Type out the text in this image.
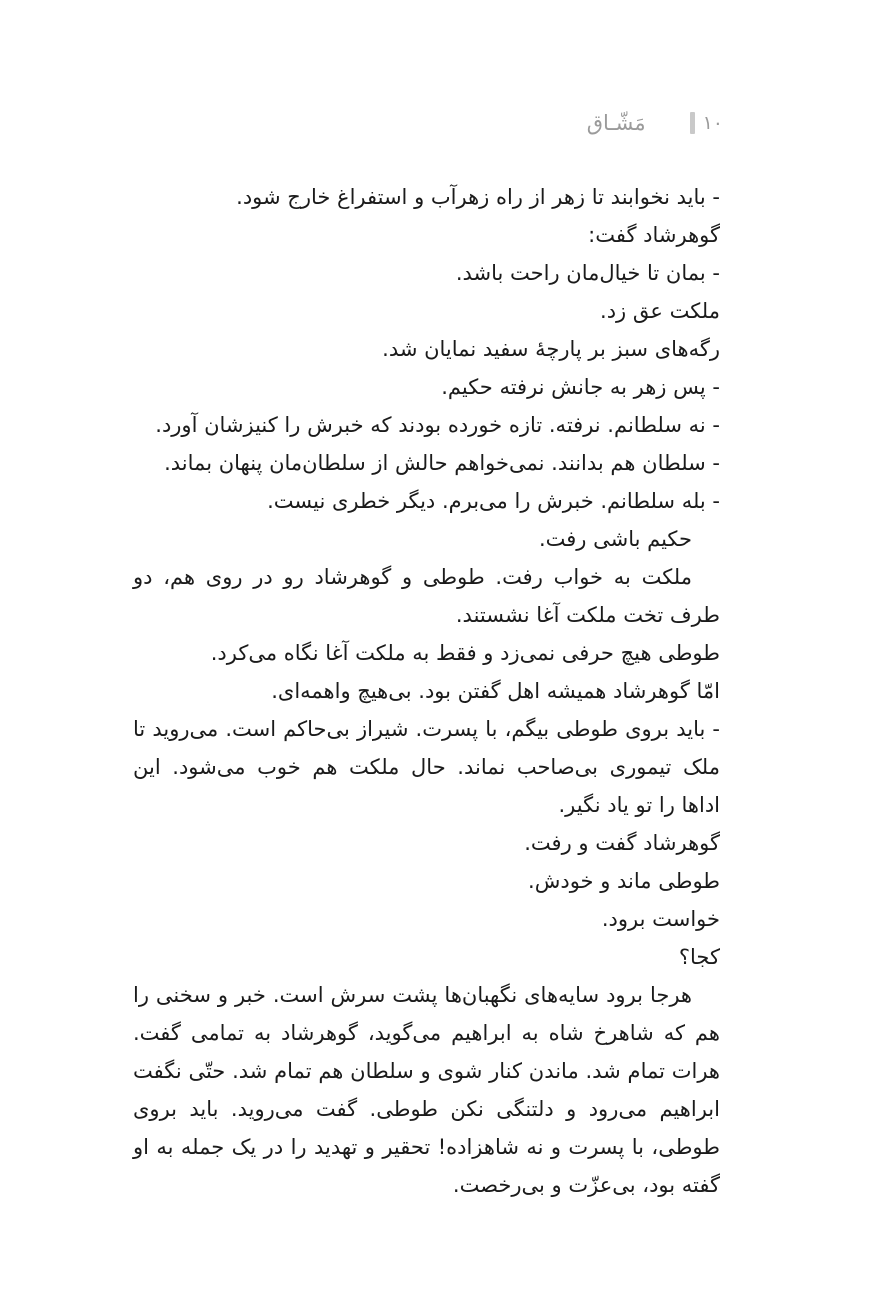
۱۰
مَشّـاق

- باید نخوابند تا زهر از راه زهرآب و استفراغ خارج شود.

گوهرشاد گفت:

- بمان تا خیال‌مان راحت باشد.

ملکت عق زد.

رگه‌های سبز بر پارچهٔ سفید نمایان شد.

- پس زهر به جانش نرفته حکیم.

- نه سلطانم. نرفته. تازه خورده بودند که خبرش را کنیزشان آورد.

- سلطان هم بدانند. نمی‌خواهم حالش از سلطان‌مان پنهان بماند.

- بله سلطانم. خبرش را می‌برم. دیگر خطری نیست.

حکیم باشی رفت.

ملکت به خواب رفت. طوطی و گوهرشاد رو در روی هم، دو طرف تخت ملکت آغا نشستند.

طوطی هیچ حرفی نمی‌زد و فقط به ملکت آغا نگاه می‌کرد.

امّا گوهرشاد همیشه اهل گفتن بود. بی‌هیچ واهمه‌ای.

- باید بروی طوطی بیگم، با پسرت. شیراز بی‌حاکم است. می‌روید تا ملک تیموری بی‌صاحب نماند. حال ملکت هم خوب می‌شود. این اداها را تو یاد نگیر.

گوهرشاد گفت و رفت.

طوطی ماند و خودش.

خواست برود.

کجا؟

هرجا برود سایه‌های نگهبان‌ها پشت سرش است. خبر و سخنی را هم که شاهرخ شاه به ابراهیم می‌گوید، گوهرشاد به تمامی گفت. هرات تمام شد. ماندن کنار شوی و سلطان هم تمام شد. حتّی نگفت ابراهیم می‌رود و دلتنگی نکن طوطی. گفت می‌روید. باید بروی طوطی، با پسرت و نه شاهزاده! تحقیر و تهدید را در یک جمله به او گفته بود، بی‌عزّت و بی‌رخصت.
